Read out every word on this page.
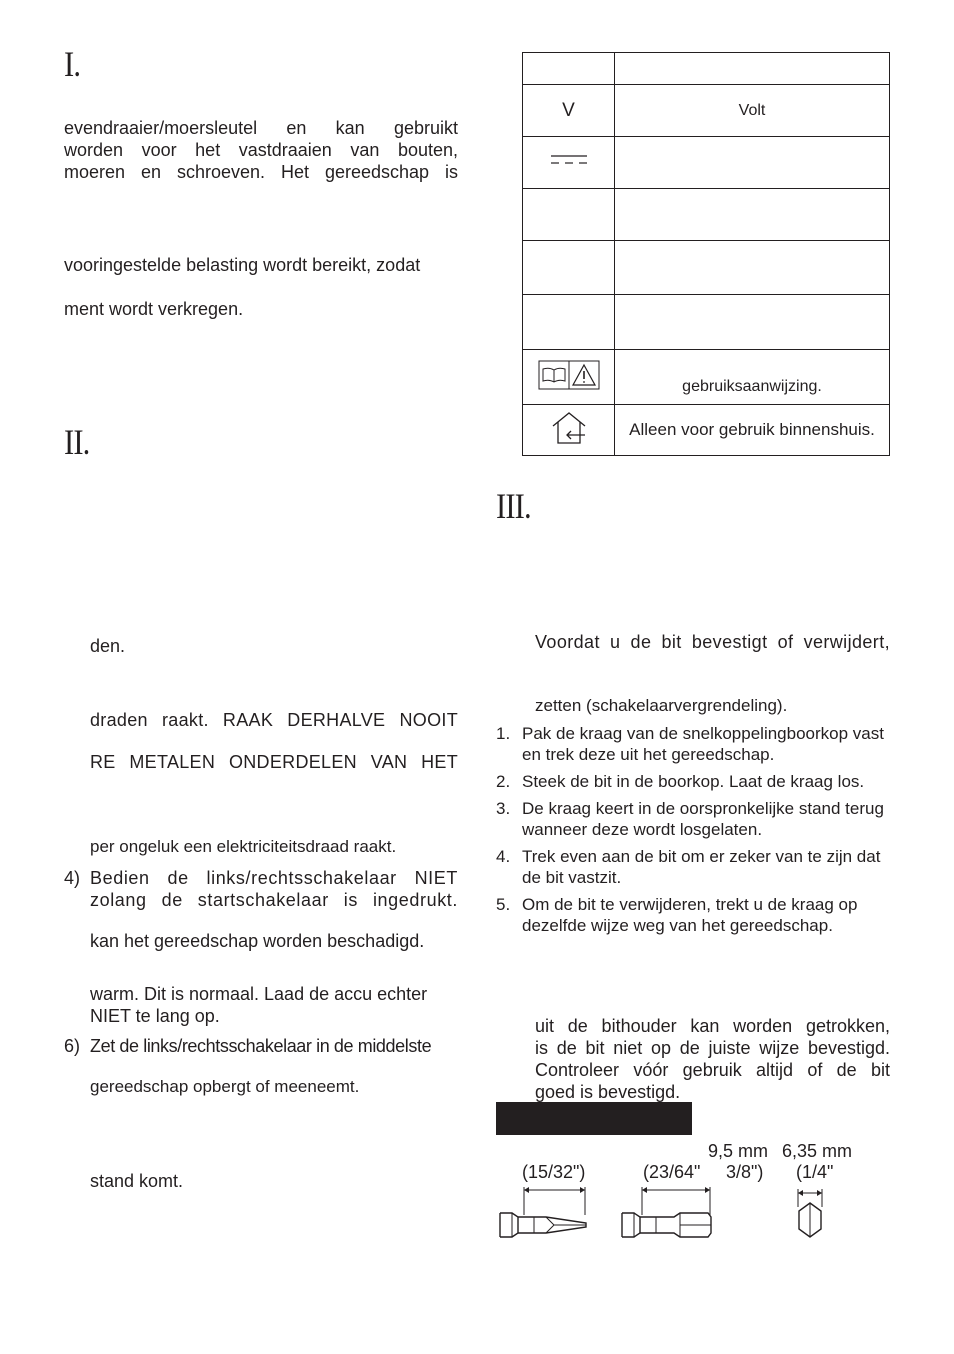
I.
evendraaier/moersleutel en kan gebruikt
worden voor het vastdraaien van bouten,
moeren en schroeven. Het gereedschap is
vooringestelde belasting wordt bereikt, zodat
ment wordt verkregen.
II.
den.
draden raakt. RAAK DERHALVE NOOIT
RE METALEN ONDERDELEN VAN HET
per ongeluk een elektriciteitsdraad raakt.
4) Bedien de links/rechtsschakelaar NIET
zolang de startschakelaar is ingedrukt.
kan het gereedschap worden beschadigd.
warm. Dit is normaal. Laad de accu echter
NIET te lang op.
6) Zet de links/rechtsschakelaar in de middelste
gereedschap opbergt of meeneemt.
stand komt.

V	Volt

	gebruiksaanwijzing.
	Alleen voor gebruik binnenshuis.
III.
Voordat u de bit bevestigt of verwijdert,
zetten (schakelaarvergrendeling).
1. Pak de kraag van de snelkoppelingboorkop vast en trek deze uit het gereedschap.
2. Steek de bit in de boorkop. Laat de kraag los.
3. De kraag keert in de oorspronkelijke stand terug wanneer deze wordt losgelaten.
4. Trek even aan de bit om er zeker van te zijn dat de bit vastzit.
5. Om de bit te verwijderen, trekt u de kraag op dezelfde wijze weg van het gereedschap.
uit de bithouder kan worden getrokken,
is de bit niet op de juiste wijze bevestigd.
Controleer vóór gebruik altijd of de bit
goed is bevestigd.
9,5 mm 6,35 mm
(15/32")	(23/64" 3/8") (1/4"
